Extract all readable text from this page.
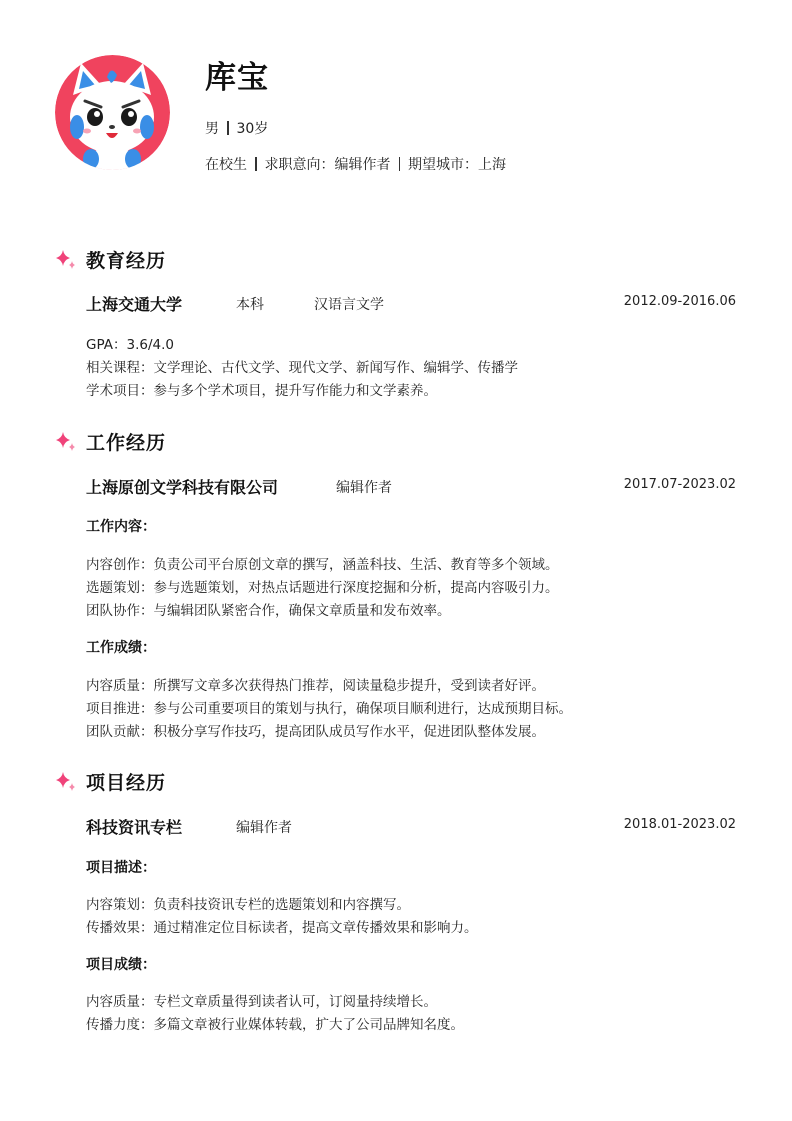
库宝
男 30岁
在校生 求职意向：编辑作者 期望城市：上海
教育经历
上海交通大学	本科	汉语言文学	2012.09-2016.06
GPA：3.6/4.0
相关课程：文学理论、古代文学、现代文学、新闻写作、编辑学、传播学
学术项目：参与多个学术项目，提升写作能力和文学素养。
工作经历
上海原创文学科技有限公司	编辑作者	2017.07-2023.02
工作内容：
内容创作：负责公司平台原创文章的撰写，涵盖科技、生活、教育等多个领域。
选题策划：参与选题策划，对热点话题进行深度挖掘和分析，提高内容吸引力。
团队协作：与编辑团队紧密合作，确保文章质量和发布效率。
工作成绩：
内容质量：所撰写文章多次获得热门推荐，阅读量稳步提升，受到读者好评。
项目推进：参与公司重要项目的策划与执行，确保项目顺利进行，达成预期目标。
团队贡献：积极分享写作技巧，提高团队成员写作水平，促进团队整体发展。
项目经历
科技资讯专栏	编辑作者	2018.01-2023.02
项目描述：
内容策划：负责科技资讯专栏的选题策划和内容撰写。
传播效果：通过精准定位目标读者，提高文章传播效果和影响力。
项目成绩：
内容质量：专栏文章质量得到读者认可，订阅量持续增长。
传播力度：多篇文章被行业媒体转载，扩大了公司品牌知名度。
